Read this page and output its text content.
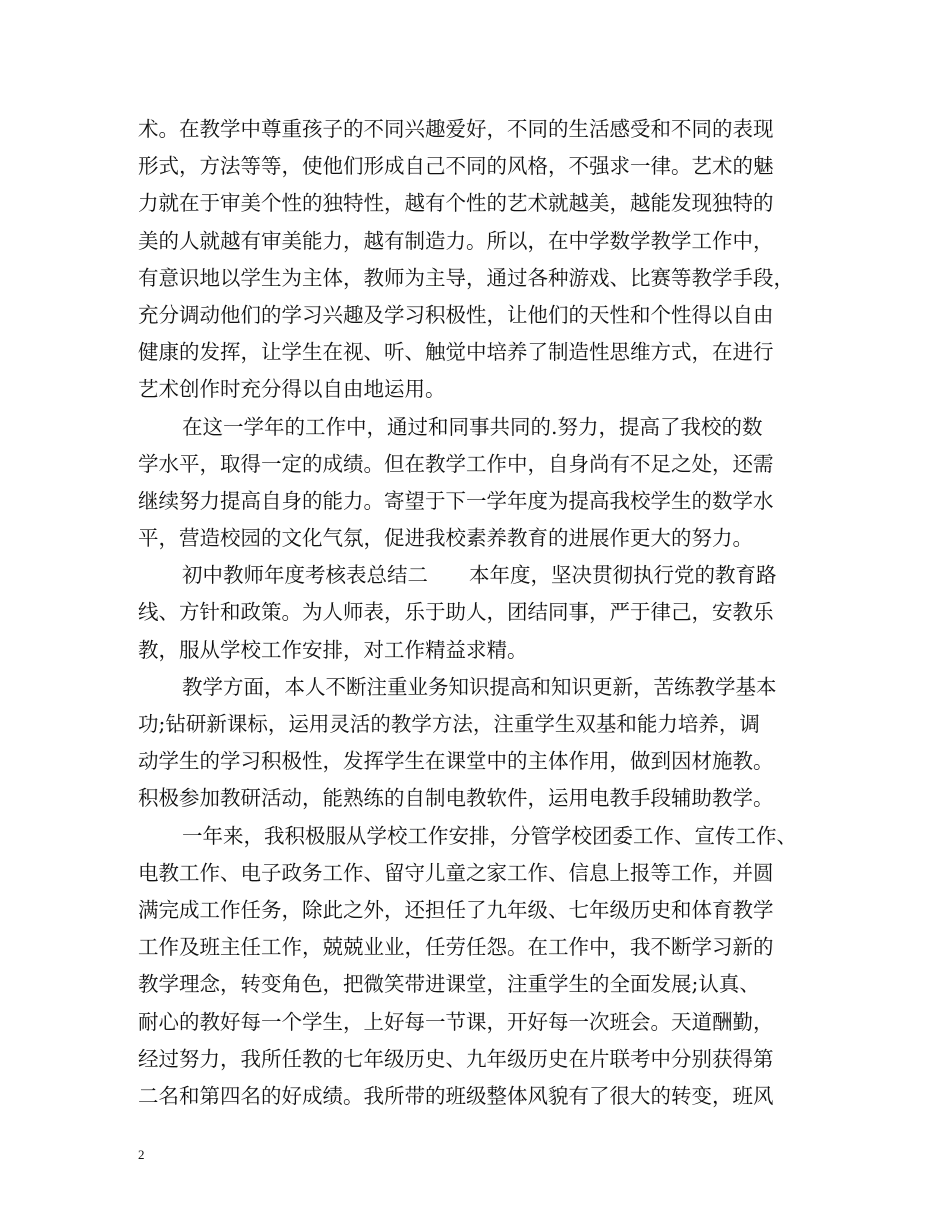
术。在教学中尊重孩子的不同兴趣爱好，不同的生活感受和不同的表现
形式，方法等等，使他们形成自己不同的风格，不强求一律。艺术的魅
力就在于审美个性的独特性，越有个性的艺术就越美，越能发现独特的
美的人就越有审美能力，越有制造力。所以，在中学数学教学工作中，
有意识地以学生为主体，教师为主导，通过各种游戏、比赛等教学手段，
充分调动他们的学习兴趣及学习积极性，让他们的天性和个性得以自由
健康的发挥，让学生在视、听、触觉中培养了制造性思维方式，在进行
艺术创作时充分得以自由地运用。
在这一学年的工作中，通过和同事共同的.努力，提高了我校的数
学水平，取得一定的成绩。但在教学工作中，自身尚有不足之处，还需
继续努力提高自身的能力。寄望于下一学年度为提高我校学生的数学水
平，营造校园的文化气氛，促进我校素养教育的进展作更大的努力。
初中教师年度考核表总结二　　本年度，坚决贯彻执行党的教育路
线、方针和政策。为人师表，乐于助人，团结同事，严于律己，安教乐
教，服从学校工作安排，对工作精益求精。
教学方面，本人不断注重业务知识提高和知识更新，苦练教学基本
功;钻研新课标，运用灵活的教学方法，注重学生双基和能力培养，调
动学生的学习积极性，发挥学生在课堂中的主体作用，做到因材施教。
积极参加教研活动，能熟练的自制电教软件，运用电教手段辅助教学。
一年来，我积极服从学校工作安排，分管学校团委工作、宣传工作、
电教工作、电子政务工作、留守儿童之家工作、信息上报等工作，并圆
满完成工作任务，除此之外，还担任了九年级、七年级历史和体育教学
工作及班主任工作，兢兢业业，任劳任怨。在工作中，我不断学习新的
教学理念，转变角色，把微笑带进课堂，注重学生的全面发展;认真、
耐心的教好每一个学生，上好每一节课，开好每一次班会。天道酬勤，
经过努力，我所任教的七年级历史、九年级历史在片联考中分别获得第
二名和第四名的好成绩。我所带的班级整体风貌有了很大的转变，班风
2
